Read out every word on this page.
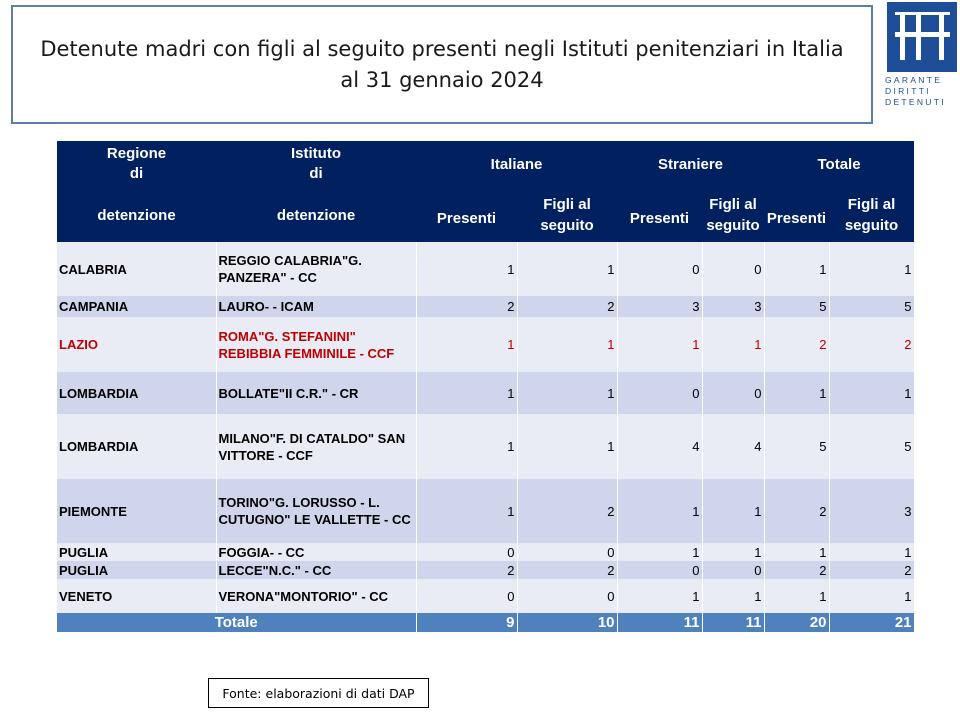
Detenute madri con figli al seguito presenti negli Istituti penitenziari in Italia
al 31 gennaio 2024	GARANTE
DIRITTI
DETENUTI
Regione
di	Istituto
di	Italiane		Straniere		Totale	
detenzione	detenzione	Presenti	Figli al seguito	Presenti	Figli al seguito	Presenti	Figli al seguito
CALABRIA	REGGIO CALABRIA"G. PANZERA" - CC	1	1	0	0	1	1
CAMPANIA	LAURO- - ICAM	2	2	3	3	5	5
LAZIO	ROMA"G. STEFANINI" REBIBBIA FEMMINILE - CCF	1	1	1	1	2	2
LOMBARDIA	BOLLATE"II C.R." - CR	1	1	0	0	1	1
LOMBARDIA	MILANO"F. DI CATALDO" SAN VITTORE - CCF	1	1	4	4	5	5
PIEMONTE	TORINO"G. LORUSSO - L. CUTUGNO" LE VALLETTE - CC	1	2	1	1	2	3
PUGLIA	FOGGIA- - CC	0	0	1	1	1	1
PUGLIA	LECCE"N.C." - CC	2	2	0	0	2	2
VENETO	VERONA"MONTORIO" - CC	0	0	1	1	1	1
Totale		9	10	11	11	20	21
Fonte: elaborazioni di dati DAP
